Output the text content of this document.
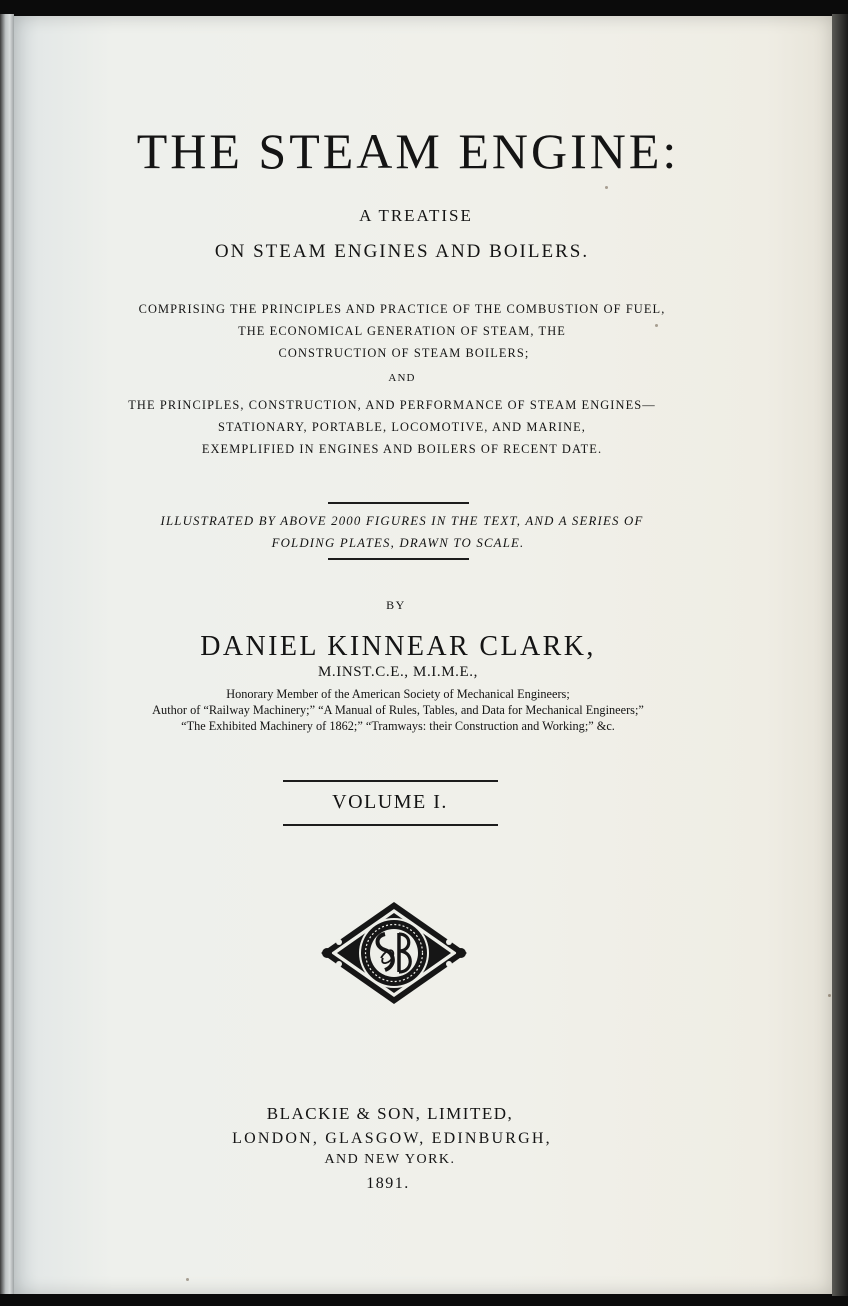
THE STEAM ENGINE:
A TREATISE
ON STEAM ENGINES AND BOILERS.
COMPRISING THE PRINCIPLES AND PRACTICE OF THE COMBUSTION OF FUEL,
THE ECONOMICAL GENERATION OF STEAM, THE
CONSTRUCTION OF STEAM BOILERS;
AND
THE PRINCIPLES, CONSTRUCTION, AND PERFORMANCE OF STEAM ENGINES—
STATIONARY, PORTABLE, LOCOMOTIVE, AND MARINE,
EXEMPLIFIED IN ENGINES AND BOILERS OF RECENT DATE.
ILLUSTRATED BY ABOVE 2000 FIGURES IN THE TEXT, AND A SERIES OF
FOLDING PLATES, DRAWN TO SCALE.
BY
DANIEL KINNEAR CLARK,
M.INST.C.E., M.I.M.E.,
Honorary Member of the American Society of Mechanical Engineers;
Author of “Railway Machinery;” “A Manual of Rules, Tables, and Data for Mechanical Engineers;”
“The Exhibited Machinery of 1862;” “Tramways: their Construction and Working;” &c.
VOLUME I.
BLACKIE & SON, LIMITED,
LONDON, GLASGOW, EDINBURGH,
AND NEW YORK.
1891.
